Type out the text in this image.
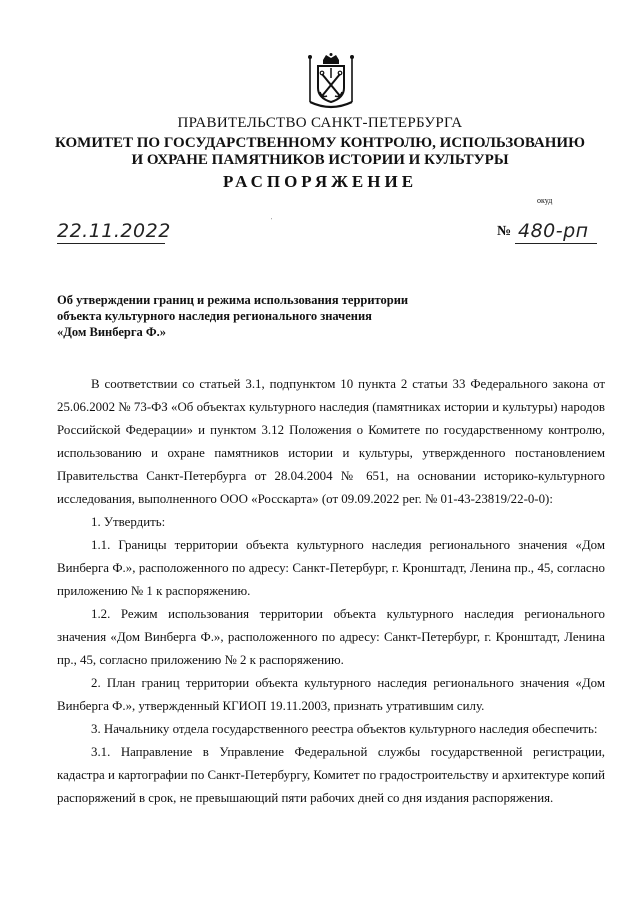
ПРАВИТЕЛЬСТВО САНКТ-ПЕТЕРБУРГА
КОМИТЕТ ПО ГОСУДАРСТВЕННОМУ КОНТРОЛЮ, ИСПОЛЬЗОВАНИЮ
И ОХРАНЕ ПАМЯТНИКОВ ИСТОРИИ И КУЛЬТУРЫ
РАСПОРЯЖЕНИЕ
окуд
22.11.2022	'
№ 480-рп
Об утверждении границ и режима использования территории
объекта культурного наследия регионального значения
«Дом Винберга Ф.»

В соответствии со статьей 3.1, подпунктом 10 пункта 2 статьи 33 Федерального закона от 25.06.2002 № 73-ФЗ «Об объектах культурного наследия (памятниках истории и культуры) народов Российской Федерации» и пунктом 3.12 Положения о Комитете по государственному контролю, использованию и охране памятников истории и культуры, утвержденного постановлением Правительства Санкт-Петербурга от 28.04.2004 № 651, на основании историко-культурного исследования, выполненного ООО «Росскарта» (от 09.09.2022 рег. № 01-43-23819/22-0-0):

1. Утвердить:

1.1. Границы территории объекта культурного наследия регионального значения «Дом Винберга Ф.», расположенного по адресу: Санкт-Петербург, г. Кронштадт, Ленина пр., 45, согласно приложению № 1 к распоряжению.

1.2. Режим использования территории объекта культурного наследия регионального значения «Дом Винберга Ф.», расположенного по адресу: Санкт-Петербург, г. Кронштадт, Ленина пр., 45, согласно приложению № 2 к распоряжению.

2. План границ территории объекта культурного наследия регионального значения «Дом Винберга Ф.», утвержденный КГИОП 19.11.2003, признать утратившим силу.

3. Начальнику отдела государственного реестра объектов культурного наследия обеспечить:

3.1. Направление в Управление Федеральной службы государственной регистрации, кадастра и картографии по Санкт-Петербургу, Комитет по градостроительству и архитектуре копий распоряжений в срок, не превышающий пяти рабочих дней со дня издания распоряжения.
